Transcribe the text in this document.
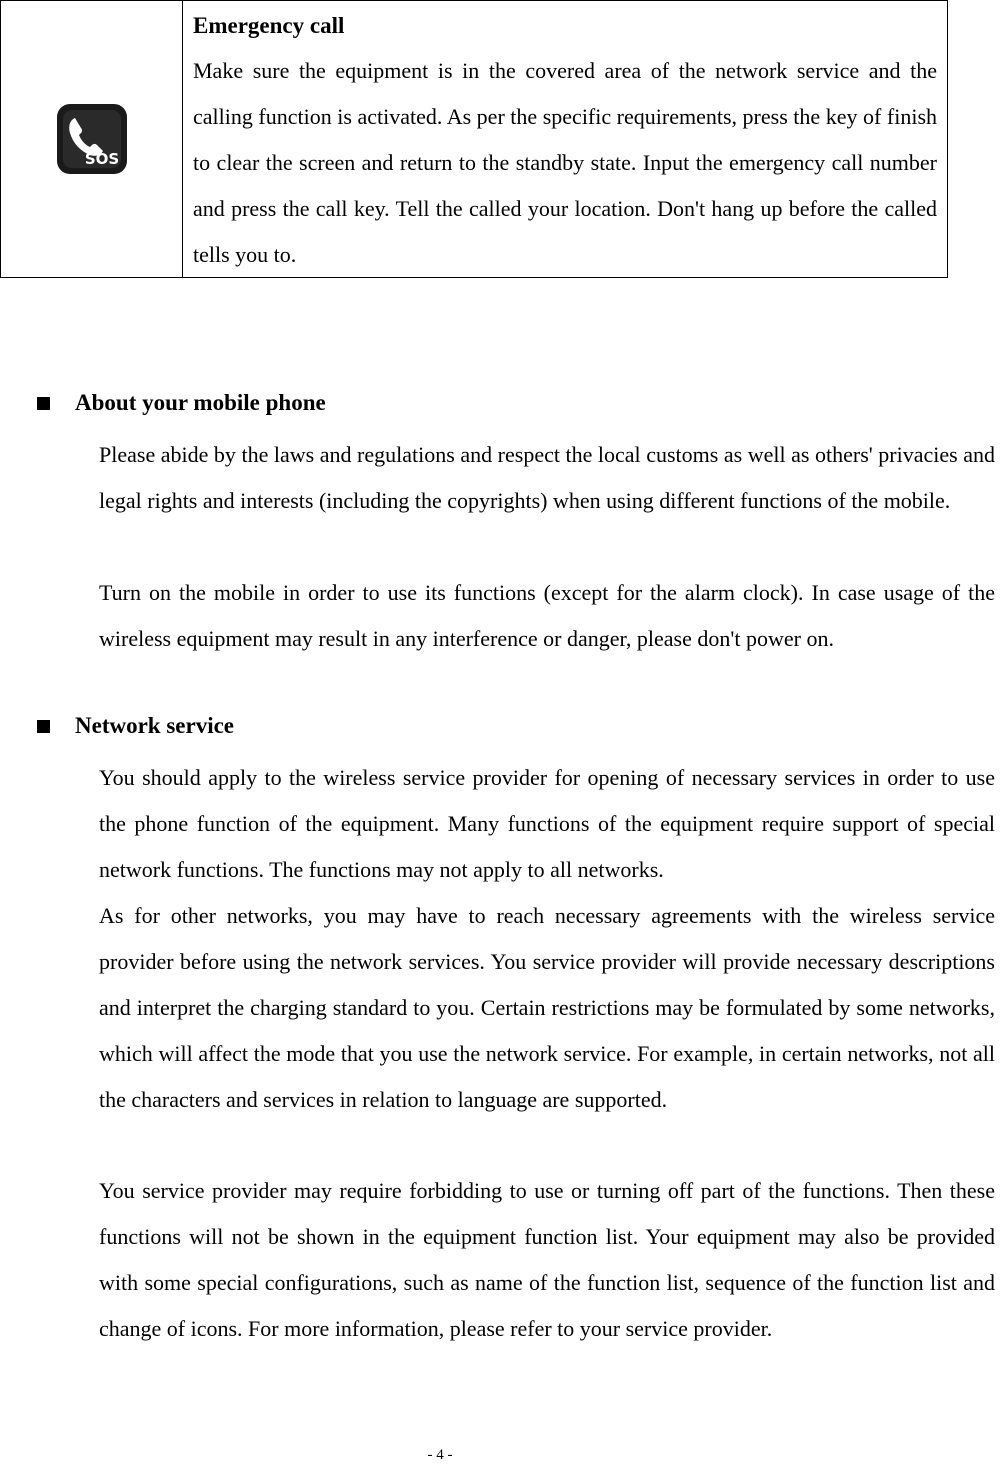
SOS

Emergency call

Make sure the equipment is in the covered area of the network service and the calling function is activated. As per the specific requirements, press the key of finish to clear the screen and return to the standby state. Input the emergency call number and press the call key. Tell the called your location. Don't hang up before the called tells you to.

About your mobile phone

Please abide by the laws and regulations and respect the local customs as well as others' privacies and legal rights and interests (including the copyrights) when using different functions of the mobile.

Turn on the mobile in order to use its functions (except for the alarm clock). In case usage of the wireless equipment may result in any interference or danger, please don't power on.

Network service

You should apply to the wireless service provider for opening of necessary services in order to use the phone function of the equipment. Many functions of the equipment require support of special network functions. The functions may not apply to all networks.

As for other networks, you may have to reach necessary agreements with the wireless service provider before using the network services. You service provider will provide necessary descriptions and interpret the charging standard to you. Certain restrictions may be formulated by some networks, which will affect the mode that you use the network service. For example, in certain networks, not all the characters and services in relation to language are supported.

You service provider may require forbidding to use or turning off part of the functions. Then these functions will not be shown in the equipment function list. Your equipment may also be provided with some special configurations, such as name of the function list, sequence of the function list and change of icons. For more information, please refer to your service provider.

- 4 -
